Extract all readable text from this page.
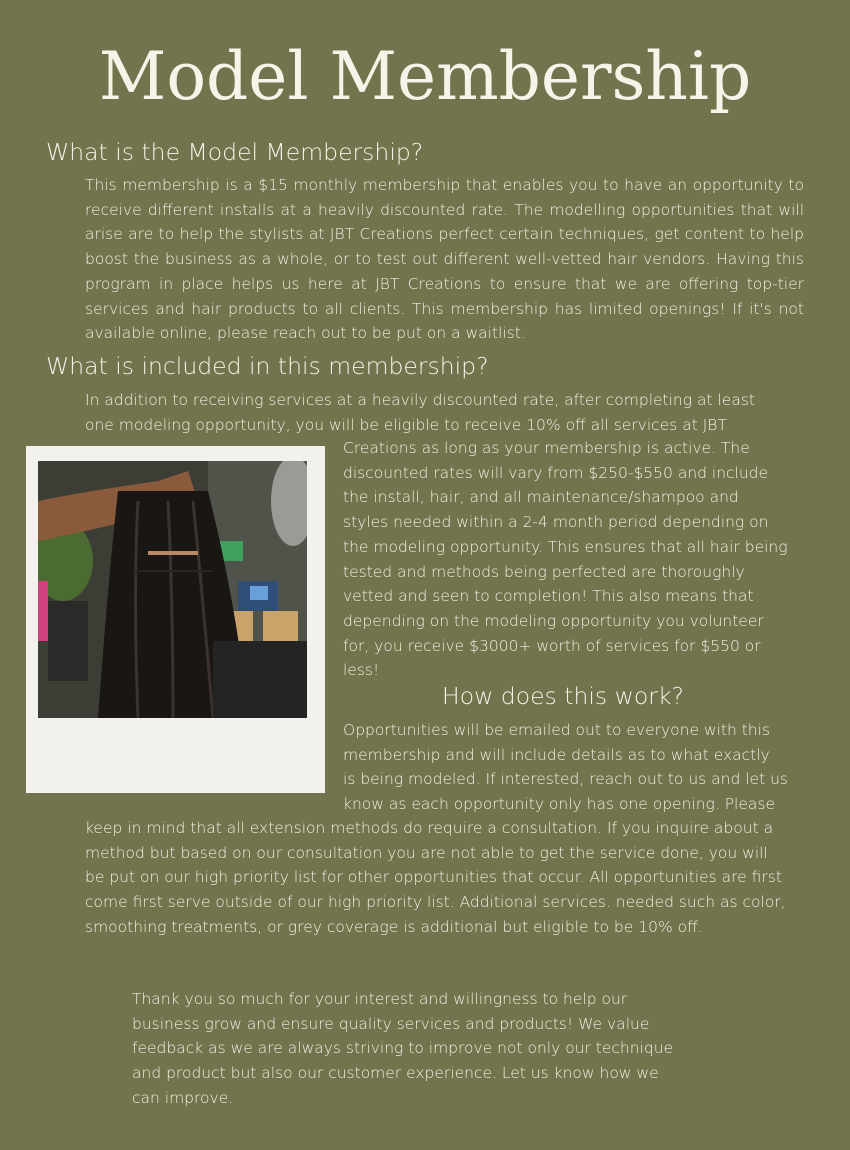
Model Membership
What is the Model Membership?

This membership is a $15 monthly membership that enables you to have an opportunity to receive different installs at a heavily discounted rate. The modelling opportunities that will arise are to help the stylists at JBT Creations perfect certain techniques, get content to help boost the business as a whole, or to test out different well-vetted hair vendors. Having this program in place helps us here at JBT Creations to ensure that we are offering top-tier services and hair products to all clients. This membership has limited openings! If it's not available online, please reach out to be put on a waitlist.

What is included in this membership?
In addition to receiving services at a heavily discounted rate, after completing at least
one modeling opportunity, you will be eligible to receive 10% off all services at JBT
Creations as long as your membership is active. The
discounted rates will vary from $250-$550 and include
the install, hair, and all maintenance/shampoo and
styles needed within a 2-4 month period depending on
the modeling opportunity. This ensures that all hair being
tested and methods being perfected are thoroughly
vetted and seen to completion! This also means that
depending on the modeling opportunity you volunteer
for, you receive $3000+ worth of services for $550 or
less!
How does this work?
Opportunities will be emailed out to everyone with this
membership and will include details as to what exactly
is being modeled. If interested, reach out to us and let us
know as each opportunity only has one opening. Please
keep in mind that all extension methods do require a consultation. If you inquire about a
method but based on our consultation you are not able to get the service done, you will
be put on our high priority list for other opportunities that occur. All opportunities are first
come first serve outside of our high priority list. Additional services. needed such as color,
smoothing treatments, or grey coverage is additional but eligible to be 10% off.
Thank you so much for your interest and willingness to help our
business grow and ensure quality services and products! We value
feedback as we are always striving to improve not only our technique
and product but also our customer experience. Let us know how we
can improve.
